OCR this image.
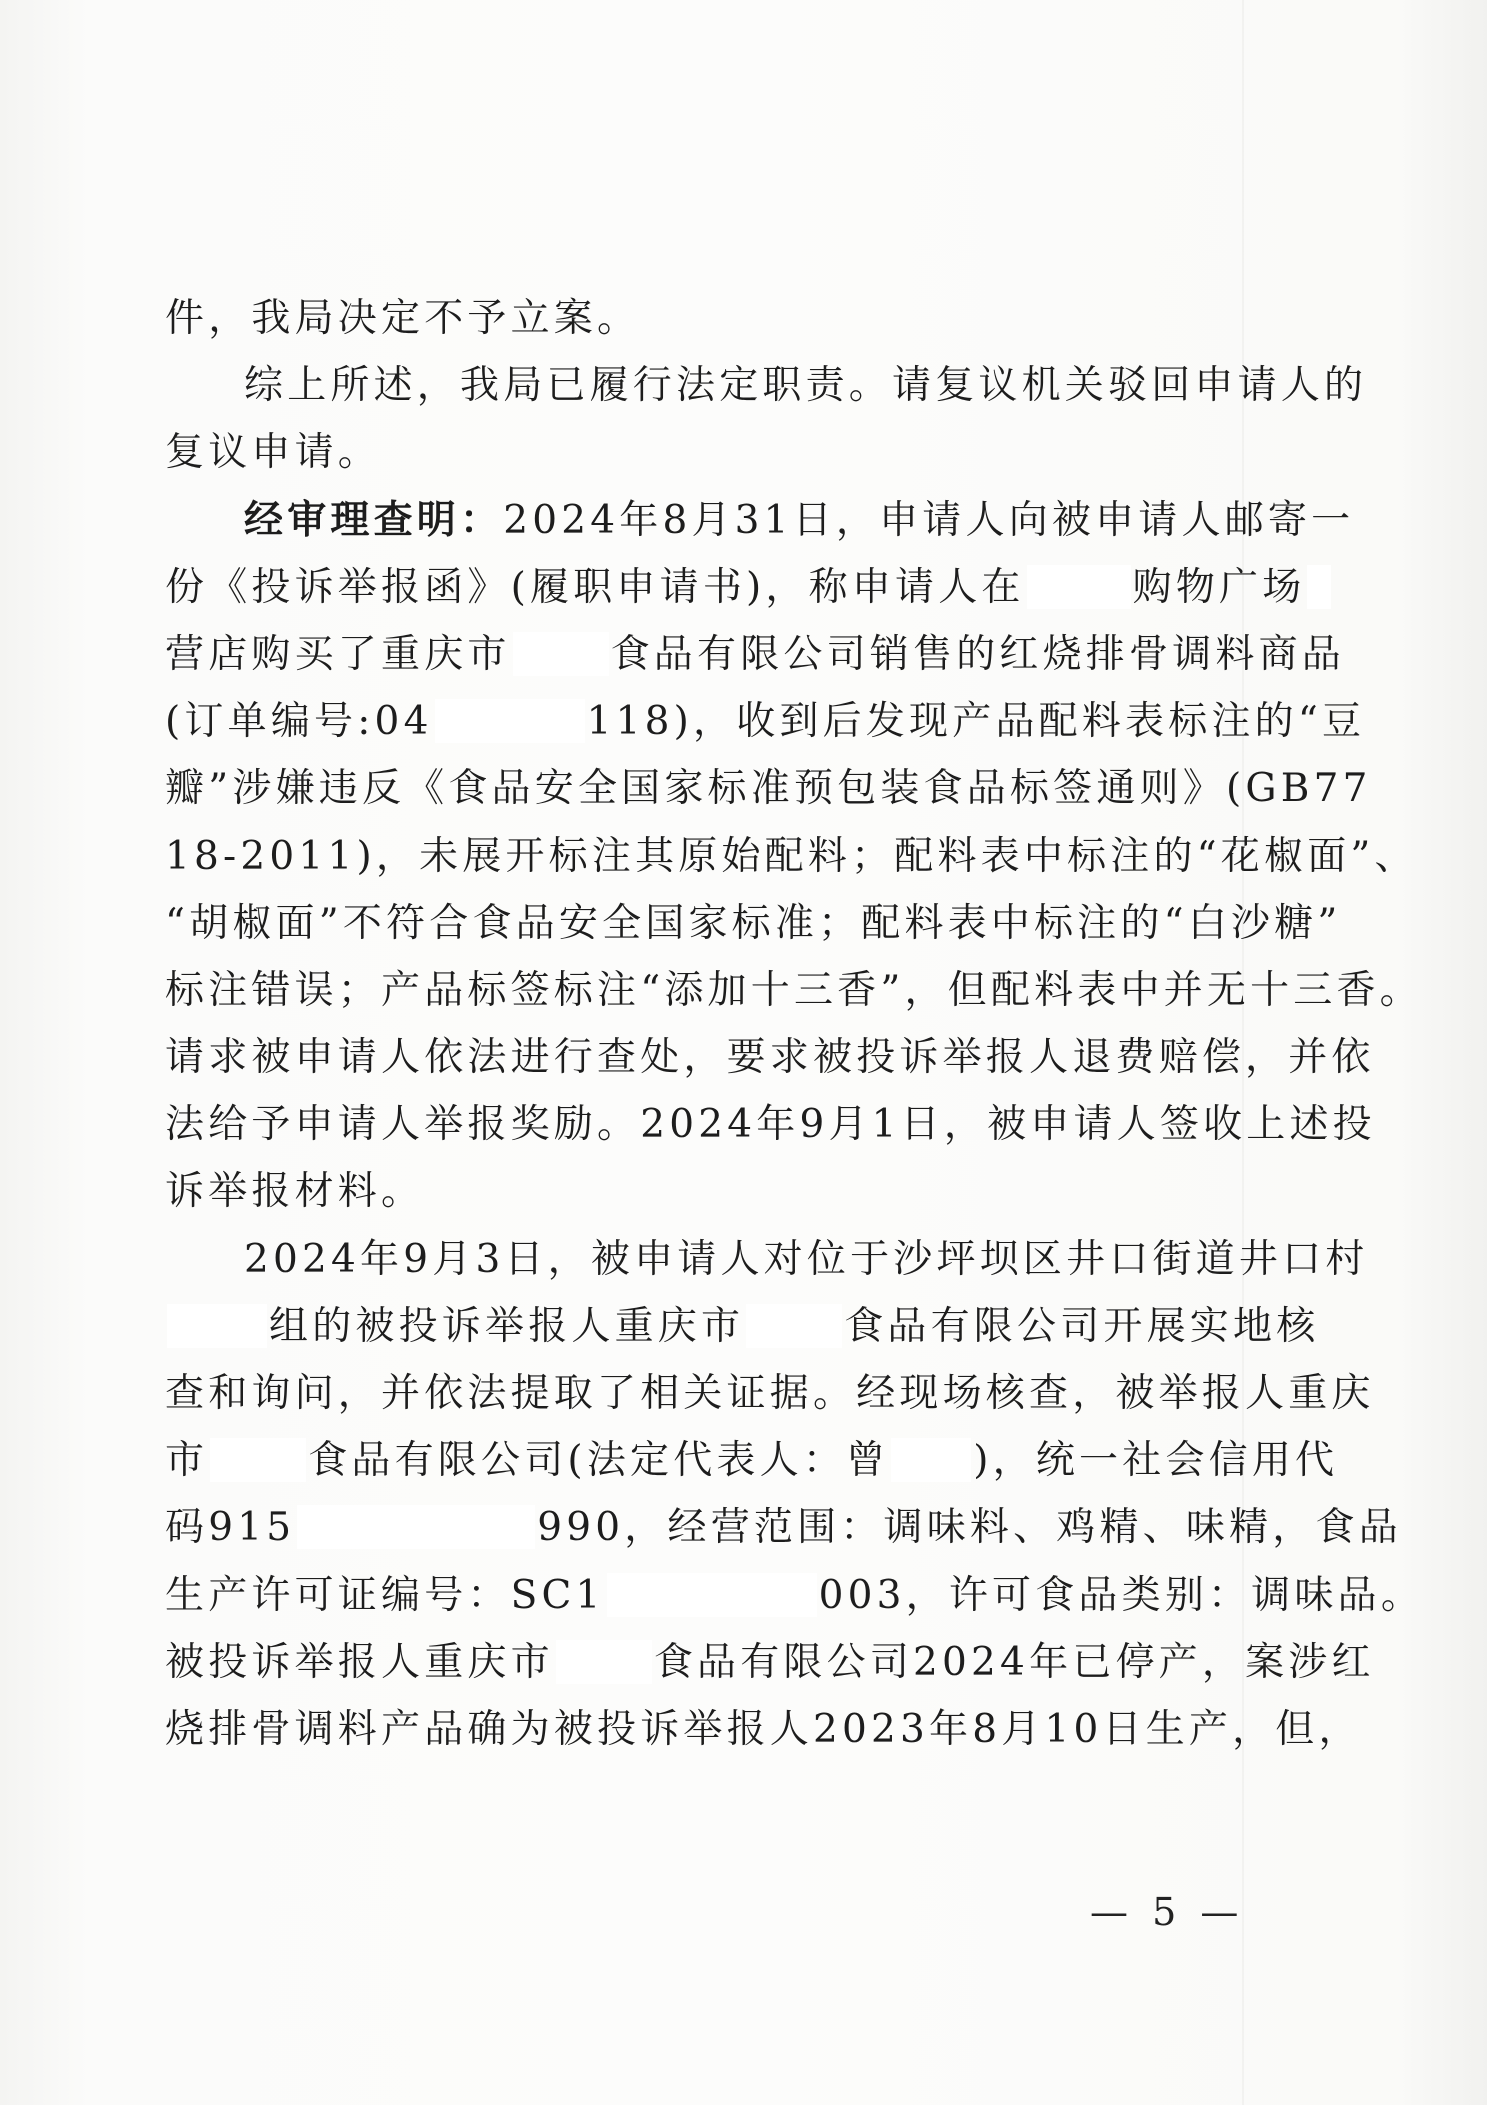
件，我局决定不予立案。
综上所述，我局已履行法定职责。请复议机关驳回申请人的
复议申请。
经审理查明：2024年8月31日，申请人向被申请人邮寄一
份《投诉举报函》(履职申请书)，称申请人在	购物广场
营店购买了重庆市	食品有限公司销售的红烧排骨调料商品
(订单编号:04	118)，收到后发现产品配料表标注的“豆
瓣”涉嫌违反《食品安全国家标准预包装食品标签通则》(GB77
18-2011)，未展开标注其原始配料；配料表中标注的“花椒面”、
“胡椒面”不符合食品安全国家标准；配料表中标注的“白沙糖”
标注错误；产品标签标注“添加十三香”，但配料表中并无十三香。
请求被申请人依法进行查处，要求被投诉举报人退费赔偿，并依
法给予申请人举报奖励。2024年9月1日，被申请人签收上述投
诉举报材料。
2024年9月3日，被申请人对位于沙坪坝区井口街道井口村
组的被投诉举报人重庆市	食品有限公司开展实地核
查和询问，并依法提取了相关证据。经现场核查，被举报人重庆
市	食品有限公司(法定代表人：曾 )，统一社会信用代
码915	990，经营范围：调味料、鸡精、味精，食品
生产许可证编号：SC1	003，许可食品类别：调味品。
被投诉举报人重庆市	食品有限公司2024年已停产，案涉红
烧排骨调料产品确为被投诉举报人2023年8月10日生产，但，
— 5 —
